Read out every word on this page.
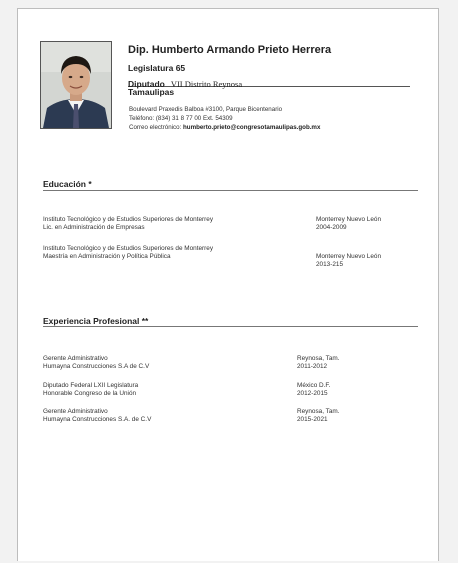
Dip. Humberto Armando Prieto Herrera
Legislatura 65
Diputado VII Distrito Reynosa
Tamaulipas
Boulevard Praxedis Balboa #3100, Parque Bicentenario
Teléfono: (834) 31 8 77 00 Ext. 54309
Correo electrónico: humberto.prieto@congresotamaulipas.gob.mx
Educación *
Instituto Tecnológico y de Estudios Superiores de Monterrey
Lic. en Administración de Empresas
Monterrey Nuevo León
2004-2009
Instituto Tecnológico y de Estudios Superiores de Monterrey
Maestría en Administración y Política Pública	Monterrey Nuevo León
2013-215
Experiencia Profesional **
Gerente Administrativo
Humayna Construcciones S.A de C.V
Reynosa, Tam.
2011-2012
Diputado Federal LXII Legislatura
Honorable Congreso de la Unión
México D.F.
2012-2015
Gerente Administrativo
Humayna Construcciones S.A. de C.V
Reynosa, Tam.
2015-2021
